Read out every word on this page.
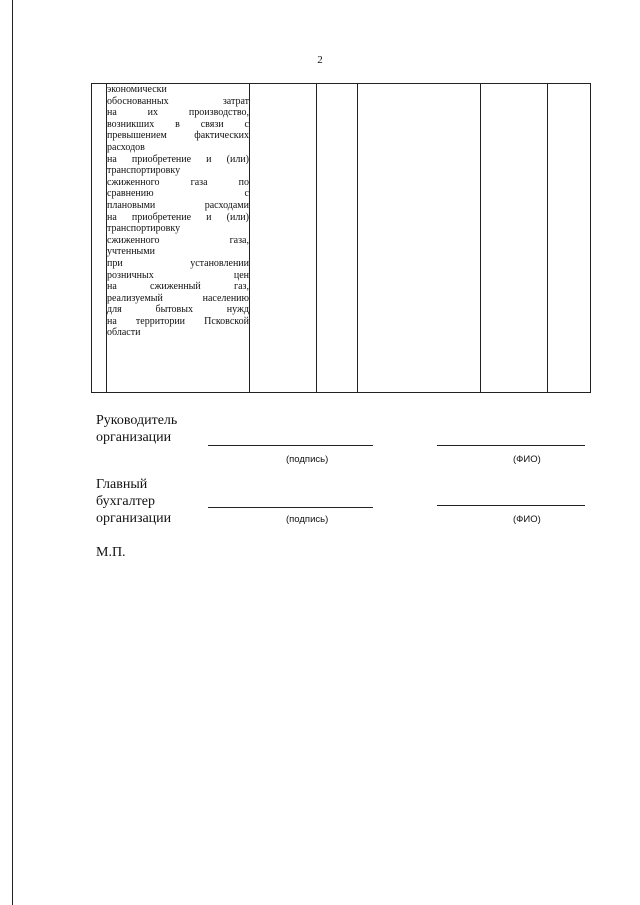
2

экономически
обоснованных затрат
на их производство,
возникших в связи с
превышением фактических
расходов
на приобретение и (или)
транспортировку
сжиженного газа по
сравнению с
плановыми расходами
на приобретение и (или)
транспортировку
сжиженного газа,
учтенными
при установлении
розничных цен
на сжиженный газ,
реализуемый населению
для бытовых нужд
на территории Псковской
области

Руководитель
организации
(подпись)	(ФИО)
Главный
бухгалтер
организации	(подпись)	(ФИО)
М.П.
